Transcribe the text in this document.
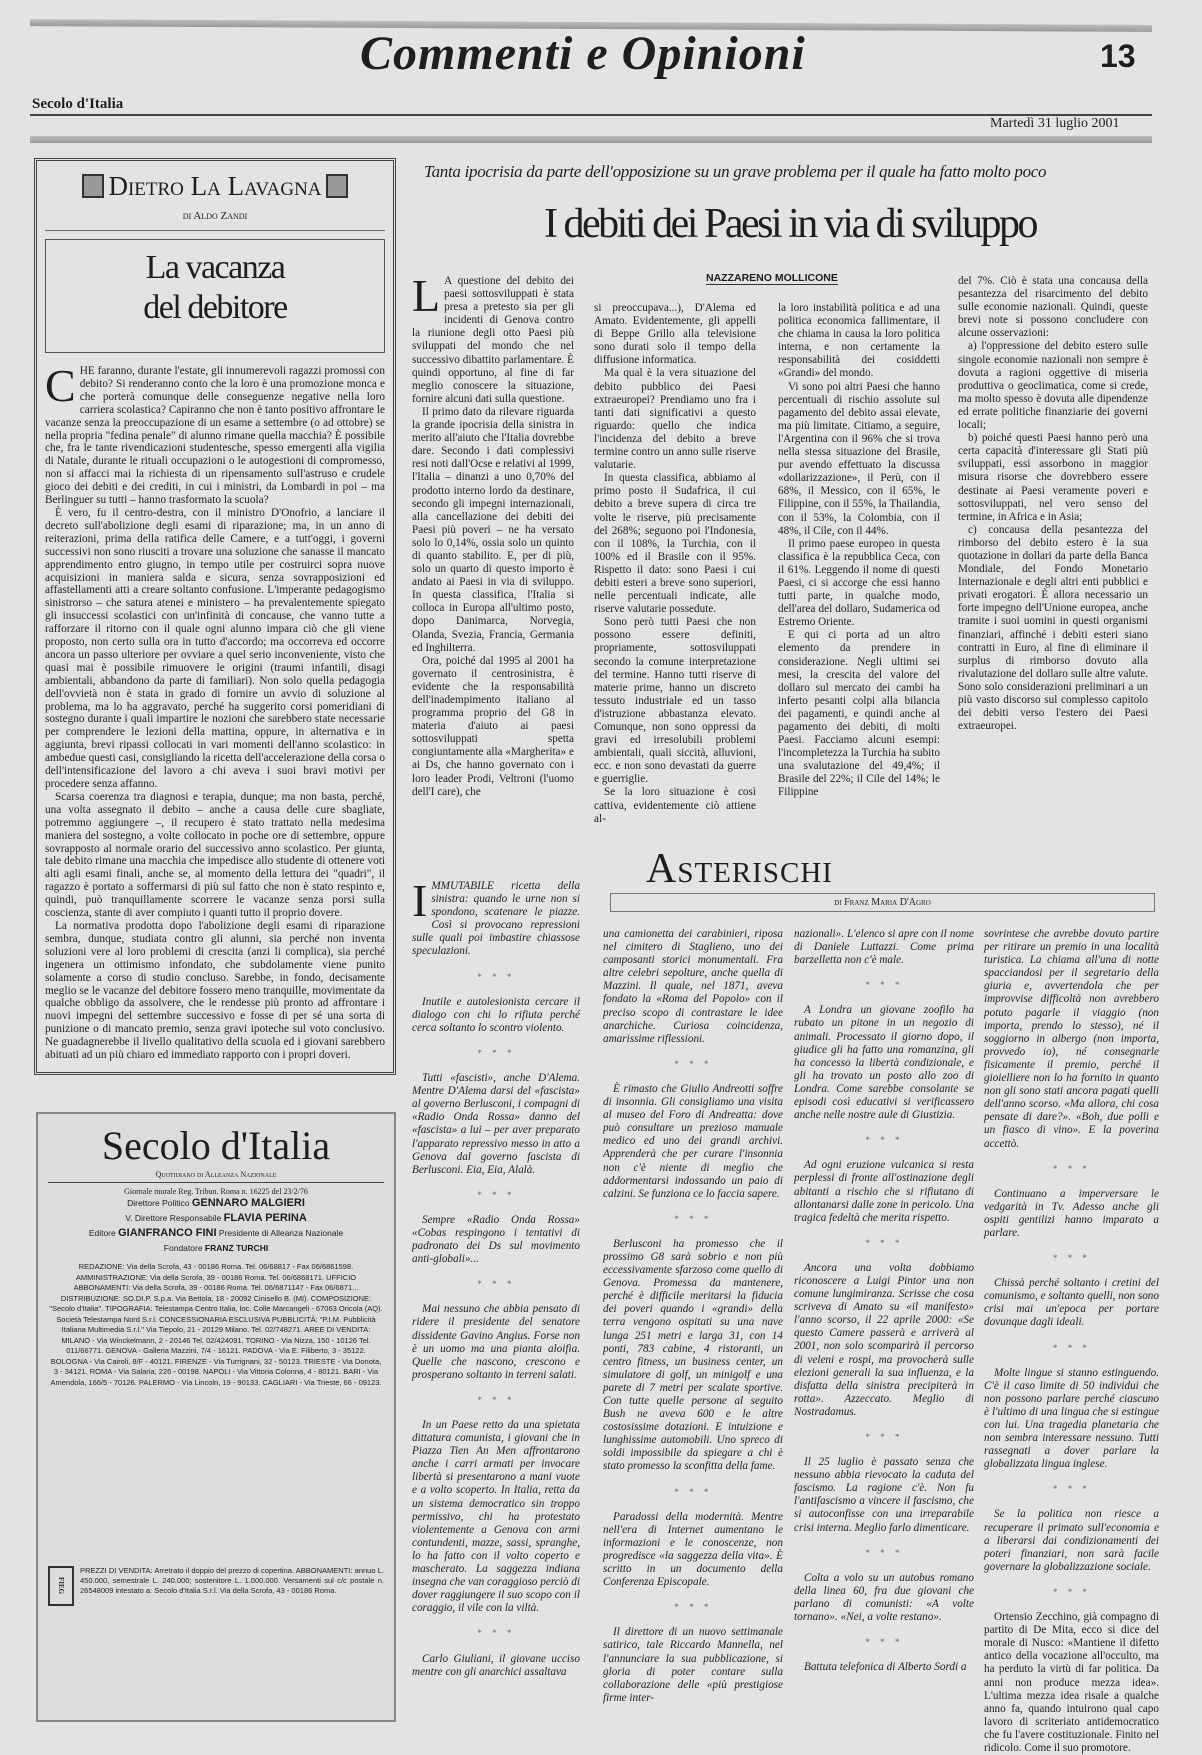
Commenti e Opinioni	13
Secolo d'Italia
Martedì 31 luglio 2001
Dietro La Lavagna
di Aldo Zandi
La vacanza
del debitore

CHE faranno, durante l'estate, gli innumerevoli ragazzi promossi con debito? Si renderanno conto che la loro è una promozione monca e che porterà comunque delle conseguenze negative nella loro carriera scolastica? Capiranno che non è tanto positivo affrontare le vacanze senza la preoccupazione di un esame a settembre (o ad ottobre) se nella propria "fedina penale" di alunno rimane quella macchia? È possibile che, fra le tante rivendicazioni studentesche, spesso emergenti alla vigilia di Natale, durante le rituali occupazioni o le autogestioni di compromesso, non si affacci mai la richiesta di un ripensamento sull'astruso e crudele gioco dei debiti e dei crediti, in cui i ministri, da Lombardi in poi – ma Berlinguer su tutti – hanno trasformato la scuola?

È vero, fu il centro-destra, con il ministro D'Onofrio, a lanciare il decreto sull'abolizione degli esami di riparazione; ma, in un anno di reiterazioni, prima della ratifica delle Camere, e a tutt'oggi, i governi successivi non sono riusciti a trovare una soluzione che sanasse il mancato apprendimento entro giugno, in tempo utile per costruirci sopra nuove acquisizioni in maniera salda e sicura, senza sovrapposizioni ed affastellamenti atti a creare soltanto confusione. L'imperante pedagogismo sinistrorso – che satura atenei e ministero – ha prevalentemente spiegato gli insuccessi scolastici con un'infinità di concause, che vanno tutte a rafforzare il ritorno con il quale ogni alunno impara ciò che gli viene proposto, non certo sulla ora in tutto d'accordo; ma occorreva ed occorre ancora un passo ulteriore per ovviare a quel serio inconveniente, visto che quasi mai è possibile rimuovere le origini (traumi infantili, disagi ambientali, abbandono da parte di familiari). Non solo quella pedagogia dell'ovvietà non è stata in grado di fornire un avvio di soluzione al problema, ma lo ha aggravato, perché ha suggerito corsi pomeridiani di sostegno durante i quali impartire le nozioni che sarebbero state necessarie per comprendere le lezioni della mattina, oppure, in alternativa e in aggiunta, brevi ripassi collocati in vari momenti dell'anno scolastico: in ambedue questi casi, consigliando la ricetta dell'accelerazione della corsa o dell'intensificazione del lavoro a chi aveva i suoi bravi motivi per procedere senza affanno.

Scarsa coerenza tra diagnosi e terapia, dunque; ma non basta, perché, una volta assegnato il debito – anche a causa delle cure sbagliate, potremmo aggiungere –, il recupero è stato trattato nella medesima maniera del sostegno, a volte collocato in poche ore di settembre, oppure sovrapposto al normale orario del successivo anno scolastico. Per giunta, tale debito rimane una macchia che impedisce allo studente di ottenere voti alti agli esami finali, anche se, al momento della lettura dei "quadri", il ragazzo è portato a soffermarsi di più sul fatto che non è stato respinto e, quindi, può tranquillamente scorrere le vacanze senza porsi sulla coscienza, stante di aver compiuto i quanti tutto il proprio dovere.

La normativa prodotta dopo l'abolizione degli esami di riparazione sembra, dunque, studiata contro gli alunni, sia perché non inventa soluzioni vere al loro problemi di crescita (anzi li complica), sia perché ingenera un ottimismo infondato, che subdolamente viene punito solamente a corso di studio concluso. Sarebbe, in fondo, decisamente meglio se le vacanze del debitore fossero meno tranquille, movimentate da qualche obbligo da assolvere, che le rendesse più pronto ad affrontare i nuovi impegni del settembre successivo e fosse di per sé una sorta di punizione o di mancato premio, senza gravi ipoteche sul voto conclusivo. Ne guadagnerebbe il livello qualitativo della scuola ed i giovani sarebbero abituati ad un più chiaro ed immediato rapporto con i propri doveri.

Secolo d'Italia
Quotidiano di Alleanza Nazionale
Giornale murale Reg. Tribun. Roma n. 16225 del 23/2/76
Direttore Politico GENNARO MALGIERI
V. Direttore Responsabile FLAVIA PERINA
Editore GIANFRANCO FINI Presidente di Alleanza Nazionale
Fondatore FRANZ TURCHI
REDAZIONE: Via della Scrofa, 43 - 00186 Roma. Tel. 06/68817 - Fax 06/6861598. AMMINISTRAZIONE: Via della Scrofa, 39 - 00186 Roma. Tel. 06/6868171. UFFICIO ABBONAMENTI: Via della Scrofa, 39 - 00186 Roma. Tel. 06/6871147 - Fax 06/6871... DISTRIBUZIONE: SO.DI.P. S.p.a. Via Bettola, 18 - 20092 Cinisello B. (MI). COMPOSIZIONE: "Secolo d'Italia". TIPOGRAFIA: Telestampa Centro Italia, loc. Colle Marcangeli - 67063 Oricola (AQ). Società Telestampa Nord S.r.l. CONCESSIONARIA ESCLUSIVA PUBBLICITÀ: "P.I.M. Pubblicità Italiana Multimedia S.r.l." Via Tiepolo, 21 - 20129 Milano. Tel. 02/748271. AREE DI VENDITA: MILANO - Via Winckelmann, 2 - 20146 Tel. 02/424091. TORINO - Via Nizza, 150 - 10126 Tel. 011/66771. GENOVA - Galleria Mazzini, 7/4 - 16121. PADOVA - Via E. Filiberto, 3 - 35122. BOLOGNA - Via Cairoli, 8/F - 40121. FIRENZE - Via Turrignani, 32 - 50123. TRIESTE - Via Donota, 3 - 34121. ROMA - Via Salaria, 226 - 00198. NAPOLI - Via Vittoria Colonna, 4 - 80121. BARI - Via Amendola, 166/5 - 70126. PALERMO - Via Lincoln, 19 - 90133. CAGLIARI - Via Trieste, 66 - 09123.
FIEG
PREZZI DI VENDITA: Arretrato il doppio del prezzo di copertina. ABBONAMENTI: annuo L. 450.000, semestrale L. 240.000; sostenitore L. 1.000.000. Versamenti sul c/c postale n. 26548009 intestato a: Secolo d'Italia S.r.l. Via della Scrofa, 43 - 00186 Roma.
Tanta ipocrisia da parte dell'opposizione su un grave problema per il quale ha fatto molto poco
I debiti dei Paesi in via di sviluppo
NAZZARENO MOLLICONE

L A questione del debito dei paesi sottosviluppati è stata presa a pretesto sia per gli incidenti di Genova contro la riunione degli otto Paesi più sviluppati del mondo che nel successivo dibattito parlamentare. È quindi opportuno, al fine di far meglio conoscere la situazione, fornire alcuni dati sulla questione.

Il primo dato da rilevare riguarda la grande ipocrisia della sinistra in merito all'aiuto che l'Italia dovrebbe dare. Secondo i dati complessivi resi noti dall'Ocse e relativi al 1999, l'Italia – dinanzi a uno 0,70% del prodotto interno lordo da destinare, secondo gli impegni internazionali, alla cancellazione dei debiti dei Paesi più poveri – ne ha versato solo lo 0,14%, ossia solo un quinto di quanto stabilito. E, per di più, solo un quarto di questo importo è andato ai Paesi in via di sviluppo. In questa classifica, l'Italia si colloca in Europa all'ultimo posto, dopo Danimarca, Norvegia, Olanda, Svezia, Francia, Germania ed Inghilterra.

Ora, poiché dal 1995 al 2001 ha governato il centrosinistra, è evidente che la responsabilità dell'inadempimento italiano al programma proprio del G8 in materia d'aiuto ai paesi sottosviluppati spetta congiuntamente alla «Margherita» e ai Ds, che hanno governato con i loro leader Prodi, Veltroni (l'uomo dell'I care), che

si preoccupava...), D'Alema ed Amato. Evidentemente, gli appelli di Beppe Grillo alla televisione sono durati solo il tempo della diffusione informatica.

Ma qual è la vera situazione del debito pubblico dei Paesi extraeuropei? Prendiamo uno fra i tanti dati significativi a questo riguardo: quello che indica l'incidenza del debito a breve termine contro un anno sulle riserve valutarie.

In questa classifica, abbiamo al primo posto il Sudafrica, il cui debito a breve supera di circa tre volte le riserve, più precisamente del 268%; seguono poi l'Indonesia, con il 108%, la Turchia, con il 100% ed il Brasile con il 95%. Rispetto il dato: sono Paesi i cui debiti esteri a breve sono superiori, nelle percentuali indicate, alle riserve valutarie possedute.

Sono però tutti Paesi che non possono essere definiti, propriamente, sottosviluppati secondo la comune interpretazione del termine. Hanno tutti riserve di materie prime, hanno un discreto tessuto industriale ed un tasso d'istruzione abbastanza elevato. Comunque, non sono oppressi da gravi ed irresolubili problemi ambientali, quali siccità, alluvioni, ecc. e non sono devastati da guerre e guerriglie.

Se la loro situazione è così cattiva, evidentemente ciò attiene al-

la loro instabilità politica e ad una politica economica fallimentare, il che chiama in causa la loro politica interna, e non certamente la responsabilità dei cosiddetti «Grandi» del mondo.

Vi sono poi altri Paesi che hanno percentuali di rischio assolute sul pagamento del debito assai elevate, ma più limitate. Citiamo, a seguire, l'Argentina con il 96% che si trova nella stessa situazione del Brasile, pur avendo effettuato la discussa «dollarizzazione», il Perù, con il 68%, il Messico, con il 65%, le Filippine, con il 55%, la Thailandia, con il 53%, la Colombia, con il 48%, il Cile, con il 44%.

Il primo paese europeo in questa classifica è la repubblica Ceca, con il 61%. Leggendo il nome di questi Paesi, ci si accorge che essi hanno tutti parte, in qualche modo, dell'area del dollaro, Sudamerica od Estremo Oriente.

E qui ci porta ad un altro elemento da prendere in considerazione. Negli ultimi sei mesi, la crescita del valore del dollaro sul mercato dei cambi ha inferto pesanti colpi alla bilancia dei pagamenti, e quindi anche al pagamento dei debiti, di molti Paesi. Facciamo alcuni esempi: l'incompletezza la Turchia ha subito una svalutazione del 49,4%; il Brasile del 22%; il Cile del 14%; le Filippine

del 7%. Ciò è stata una concausa della pesantezza del risarcimento del debito sulle economie nazionali. Quindi, queste brevi note si possono concludere con alcune osservazioni:

a) l'oppressione del debito estero sulle singole economie nazionali non sempre è dovuta a ragioni oggettive di miseria produttiva o geoclimatica, come si crede, ma molto spesso è dovuta alle dipendenze ed errate politiche finanziarie dei governi locali;

b) poiché questi Paesi hanno però una certa capacità d'interessare gli Stati più sviluppati, essi assorbono in maggior misura risorse che dovrebbero essere destinate ai Paesi veramente poveri e sottosviluppati, nel vero senso del termine, in Africa e in Asia;

c) concausa della pesantezza del rimborso del debito estero è la sua quotazione in dollari da parte della Banca Mondiale, del Fondo Monetario Internazionale e degli altri enti pubblici e privati erogatori. È allora necessario un forte impegno dell'Unione europea, anche tramite i suoi uomini in questi organismi finanziari, affinché i debiti esteri siano contratti in Euro, al fine di eliminare il surplus di rimborso dovuto alla rivalutazione del dollaro sulle altre valute. Sono solo considerazioni preliminari a un più vasto discorso sul complesso capitolo dei debiti verso l'estero dei Paesi extraeuropei.

Asterischi
di Franz Maria D'Agro

IMMUTABILE ricetta della sinistra: quando le urne non si spondono, scatenare le piazze. Così si provocano repressioni sulle quali poi imbastire chiassose speculazioni.

* * *

Inutile e autolesionista cercare il dialogo con chi lo rifiuta perché cerca soltanto lo scontro violento.

* * *

Tutti «fascisti», anche D'Alema. Mentre D'Alema darsi del «fascista» al governo Berlusconi, i compagni di «Radio Onda Rossa» danno del «fascista» a lui – per aver preparato l'apparato repressivo messo in atto a Genova dal governo fascista di Berlusconi. Eia, Eia, Alalà.

* * *

Sempre «Radio Onda Rossa» «Cobas respingono i tentativi di padronato dei Ds sul movimento anti-globali»...

* * *

Mai nessuno che abbia pensato di ridere il presidente del senatore dissidente Gavino Angius. Forse non è un uomo ma una pianta aloifia. Quelle che nascono, crescono e prosperano soltanto in terreni salati.

* * *

In un Paese retto da una spietata dittatura comunista, i giovani che in Piazza Tien An Men affrontarono anche i carri armati per invocare libertà si presentarono a mani vuote e a volto scoperto. In Italia, retta da un sistema democratico sin troppo permissivo, chi ha protestato violentemente a Genova con armi contundenti, mazze, sassi, spranghe, lo ha fatto con il volto coperto e mascherato. La saggezza indiana insegna che van coraggioso perciò di dover raggiungere il suo scopo con il coraggio, il vile con la viltà.

* * *

Carlo Giuliani, il giovane ucciso mentre con gli anarchici assaltava

una camionetta dei carabinieri, riposa nel cimitero di Staglieno, uno dei camposanti storici monumentali. Fra altre celebri sepolture, anche quella di Mazzini. Il quale, nel 1871, aveva fondato la «Roma del Popolo» con il preciso scopo di contrastare le idee anarchiche. Curiosa coincidenza, amarissime riflessioni.

* * *

È rimasto che Giulio Andreotti soffre di insonnia. Gli consigliamo una visita al museo del Foro di Andreatta: dove può consultare un prezioso manuale medico ed uno dei grandi archivi. Apprenderà che per curare l'insonnia non c'è niente di meglio che addormentarsi indossando un paio di calzini. Se funziona ce lo faccia sapere.

* * *

Berlusconi ha promesso che il prossimo G8 sarà sobrio e non più eccessivamente sfarzoso come quello di Genova. Promessa da mantenere, perché è difficile meritarsi la fiducia dei poveri quando i «grandi» della terra vengono ospitati su una nave lunga 251 metri e larga 31, con 14 ponti, 783 cabine, 4 ristoranti, un centro fitness, un business center, un simulatore di golf, un minigolf e una parete di 7 metri per scalate sportive. Con tutte quelle persone al seguito Bush ne aveva 600 e le altre costosissime dotazioni. E intuizione e lunghissime automobili. Uno spreco di soldi impossibile da spiegare a chi è stato promesso la sconfitta della fame.

* * *

Paradossi della modernità. Mentre nell'era di Internet aumentano le informazioni e le conoscenze, non progredisce «la saggezza della vita». È scritto in un documento della Conferenza Episcopale.

* * *

Il direttore di un nuovo settimanale satirico, tale Riccardo Mannella, nel l'annunciare la sua pubblicazione, si gloria di poter contare sulla collaborazione delle «più prestigiose firme inter-

nazionali». L'elenco si apre con il nome di Daniele Luttazzi. Come prima barzelletta non c'è male.

* * *

A Londra un giovane zoofilo ha rubato un pitone in un negozio di animali. Processato il giorno dopo, il giudice gli ha fatto una romanzina, gli ha concesso la libertà condizionale, e gli ha trovato un posto allo zoo di Londra. Come sarebbe consolante se episodi così educativi si verificassero anche nelle nostre aule di Giustizia.

* * *

Ad ogni eruzione vulcanica si resta perplessi di fronte all'ostinazione degli abitanti a rischio che si rifiutano di allontanarsi dalle zone in pericolo. Una tragica fedeltà che merita rispetto.

* * *

Ancora una volta dobbiamo riconoscere a Luigi Pintor una non comune lungimiranza. Scrisse che cosa scriveva di Amato su «il manifesto» l'anno scorso, il 22 aprile 2000: «Se questo Camere passerà e arriverà al 2001, non solo scomparirà il percorso di veleni e rospi, ma provocherà sulle elezioni generali la sua influenza, e la disfatta della sinistra precipiterà in rotta». Azzeccato. Meglio di Nostradamus.

* * *

Il 25 luglio è passato senza che nessuno abbia rievocato la caduta del fascismo. La ragione c'è. Non fu l'antifascismo a vincere il fascismo, che si autoconfisse con una irreparabile crisi interna. Meglio farlo dimenticare.

* * *

Colta a volo su un autobus romano della linea 60, fra due giovani che parlano di comunisti: «A volte tornano». «Nei, a volte restano».

* * *

Battuta telefonica di Alberto Sordi a

sovrintese che avrebbe dovuto partire per ritirare un premio in una località turistica. La chiama all'una di notte spacciandosi per il segretario della giuria e, avvertendola che per improvvise difficoltà non avrebbero potuto pagarle il viaggio (non importa, prendo lo stesso), né il soggiorno in albergo (non importa, provvedo io), né consegnarle fisicamente il premio, perché il gioielliere non lo ha fornito in quanto non gli sono stati ancora pagati quelli dell'anno scorso. «Ma allora, chi cosa pensate di dare?». «Boh, due polli e un fiasco di vino». E la poverina accettò.

* * *

Continuano a imperversare le vedgarità in Tv. Adesso anche gli ospiti gentilizi hanno imparato a parlare.

* * *

Chissà perché soltanto i cretini del comunismo, e soltanto quelli, non sono crisi mai un'epoca per portare dovunque dagli ideali.

* * *

Molte lingue si stanno estinguendo. C'è il caso limite di 50 individui che non possono parlare perché ciascuno è l'ultimo di una lingua che si estingue con lui. Una tragedia planetaria che non sembra interessare nessuno. Tutti rassegnati a dover parlare la globalizzata lingua inglese.

* * *

Se la politica non riesce a recuperare il primato sull'economia e a liberarsi dai condizionamenti dei poteri finanziari, non sarà facile governare la globalizzazione sociale.

* * *

Ortensio Zecchino, già compagno di partito di De Mita, ecco si dice del morale di Nusco: «Mantiene il difetto antico della vocazione all'occulto, ma ha perduto la virtù di far politica. Da anni non produce mezza idea». L'ultima mezza idea risale a qualche anno fa, quando intuirono qual capo lavoro di scriteriato antidemocratico che fu l'avere costituzionale. Finito nel ridicolo. Come il suo promotore.
